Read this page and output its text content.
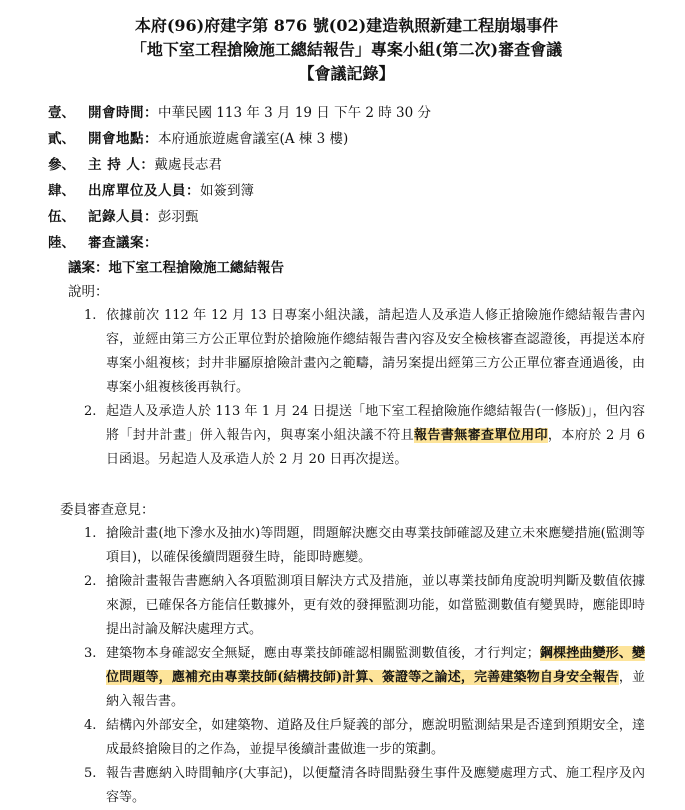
本府(96)府建字第 876 號(02)建造執照新建工程崩塌事件

「地下室工程搶險施工總結報告」專案小組(第二次)審查會議

【會議記錄】

壹、 開會時間： 中華民國 113 年 3 月 19 日 下午 2 時 30 分
貳、 開會地點： 本府通旅遊處會議室(A 棟 3 樓)
參、 主 持 人： 戴處長志君
肆、 出席單位及人員： 如簽到簿
伍、 記錄人員： 彭羽甄
陸、 審查議案：
議案：地下室工程搶險施工總結報告
說明：
1. 依據前次 112 年 12 月 13 日專案小組決議，請起造人及承造人修正搶險施作總結報告書內容，並經由第三方公正單位對於搶險施作總結報告書內容及安全檢核審查認證後，再提送本府專案小組複核；封井非屬原搶險計畫內之範疇，請另案提出經第三方公正單位審查通過後，由專案小組複核後再執行。
2. 起造人及承造人於 113 年 1 月 24 日提送「地下室工程搶險施作總結報告(一修版)」，但內容將「封井計畫」併入報告內，與專案小組決議不符且報告書無審查單位用印，本府於 2 月 6 日函退。另起造人及承造人於 2 月 20 日再次提送。
委員審查意見：
1. 搶險計畫(地下滲水及抽水)等問題，問題解決應交由專業技師確認及建立未來應變措施(監測等項目)，以確保後續問題發生時，能即時應變。
2. 搶險計畫報告書應納入各項監測項目解決方式及措施，並以專業技師角度說明判斷及數值依據來源，已確保各方能信任數據外，更有效的發揮監測功能，如當監測數值有變異時，應能即時提出討論及解決處理方式。
3. 建築物本身確認安全無疑，應由專業技師確認相關監測數值後，才行判定；鋼棵挫曲變形、變位問題等，應補充由專業技師(結構技師)計算、簽證等之論述，完善建築物自身安全報告，並納入報告書。
4. 結構內外部安全，如建築物、道路及住戶疑義的部分，應說明監測結果是否達到預期安全，達成最終搶險目的之作為，並提早後續計畫做進一步的策劃。
5. 報告書應納入時間軸序(大事記)，以便釐清各時間點發生事件及應變處理方式、施工程序及內容等。
